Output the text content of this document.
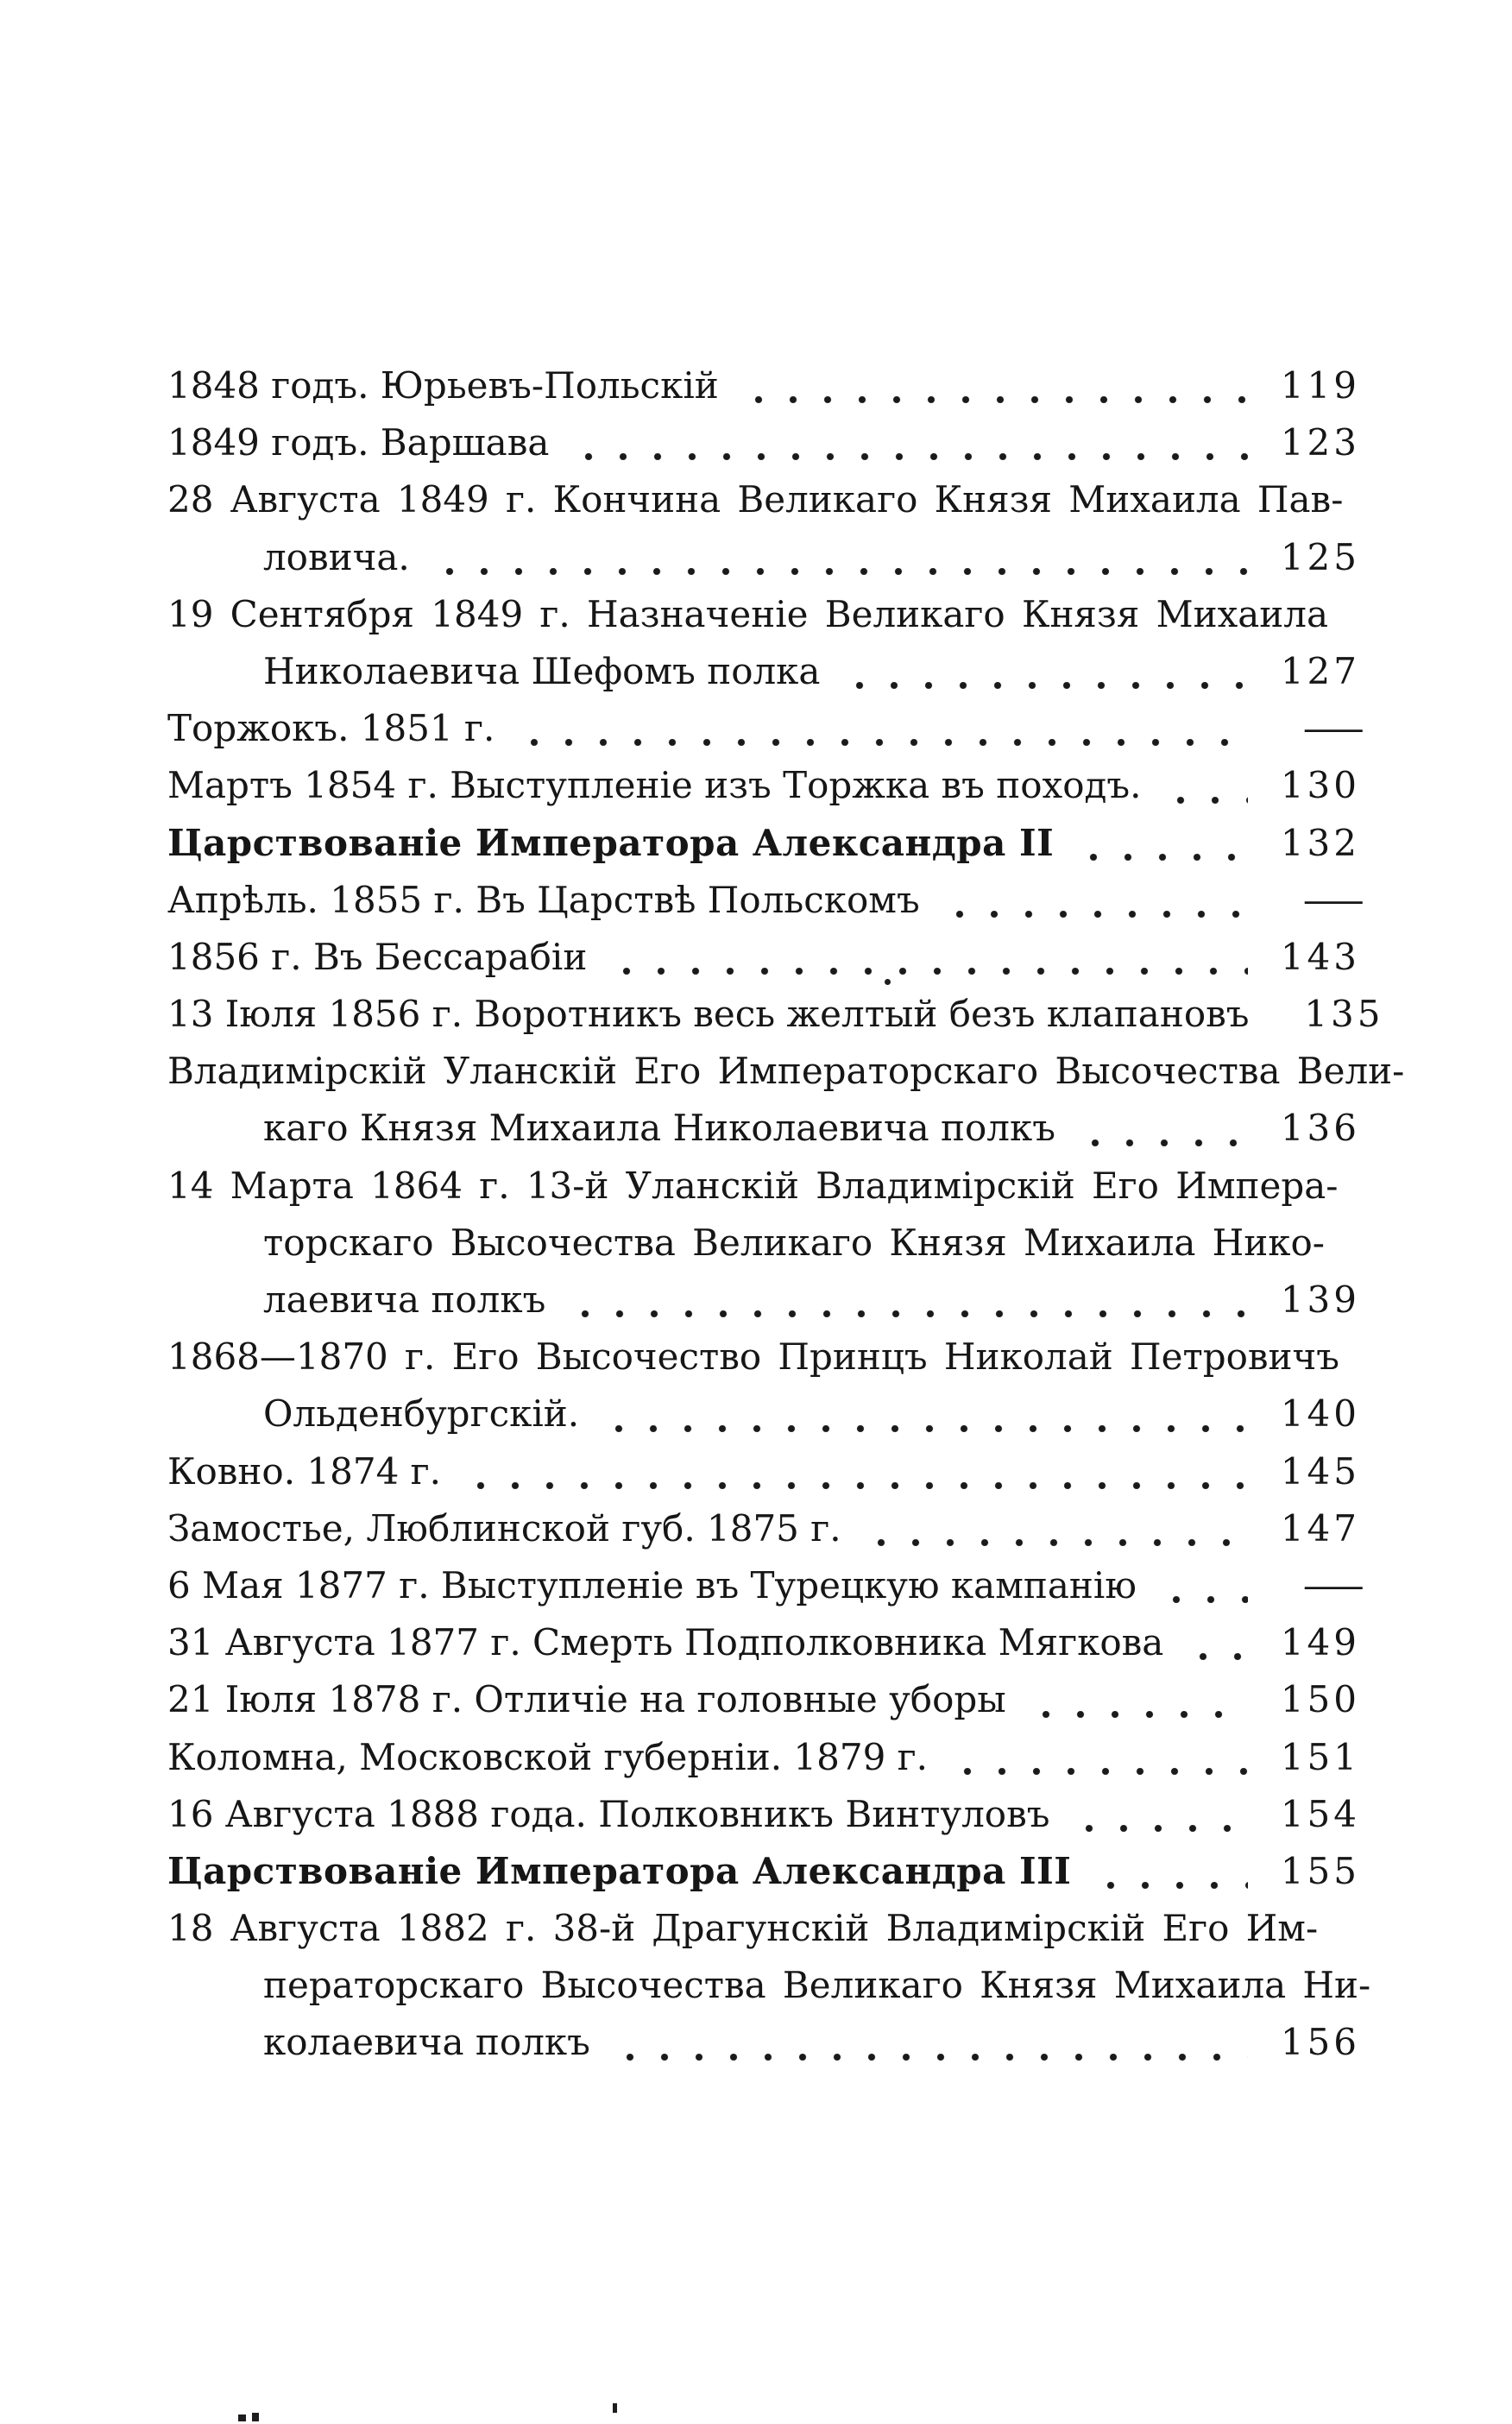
1848 годъ. Юрьевъ-Польскій	119
1849 годъ. Варшава	123
28 Августа 1849 г. Кончина Великаго Князя Михаила Пав-
ловича.	125
19 Сентября 1849 г. Назначеніе Великаго Князя Михаила
Николаевича Шефомъ полка	127
Торжокъ. 1851 г.	—
Мартъ 1854 г. Выступленіе изъ Торжка въ походъ.	130
Царствованіе Императора Александра II	132
Апрѣль. 1855 г. Въ Царствѣ Польскомъ	—
1856 г. Въ Бессарабіи	143
13 Іюля 1856 г. Воротникъ весь желтый безъ клапановъ 135
Владимірскій Уланскій Его Императорскаго Высочества Вели-
каго Князя Михаила Николаевича полкъ	136
14 Марта 1864 г. 13-й Уланскій Владимірскій Его Импера-
торскаго Высочества Великаго Князя Михаила Нико-
лаевича полкъ	139
1868—1870 г. Его Высочество Принцъ Николай Петровичъ
Ольденбургскій.	140
Ковно. 1874 г.	145
Замостье, Люблинской губ. 1875 г.	147
6 Мая 1877 г. Выступленіе въ Турецкую кампанію	—
31 Августа 1877 г. Смерть Подполковника Мягкова	149
21 Іюля 1878 г. Отличіе на головные уборы	150
Коломна, Московской губерніи. 1879 г.	151
16 Августа 1888 года. Полковникъ Винтуловъ	154
Царствованіе Императора Александра III	155
18 Августа 1882 г. 38-й Драгунскій Владимірскій Его Им-
ператорскаго Высочества Великаго Князя Михаила Ни-
колаевича полкъ	156
